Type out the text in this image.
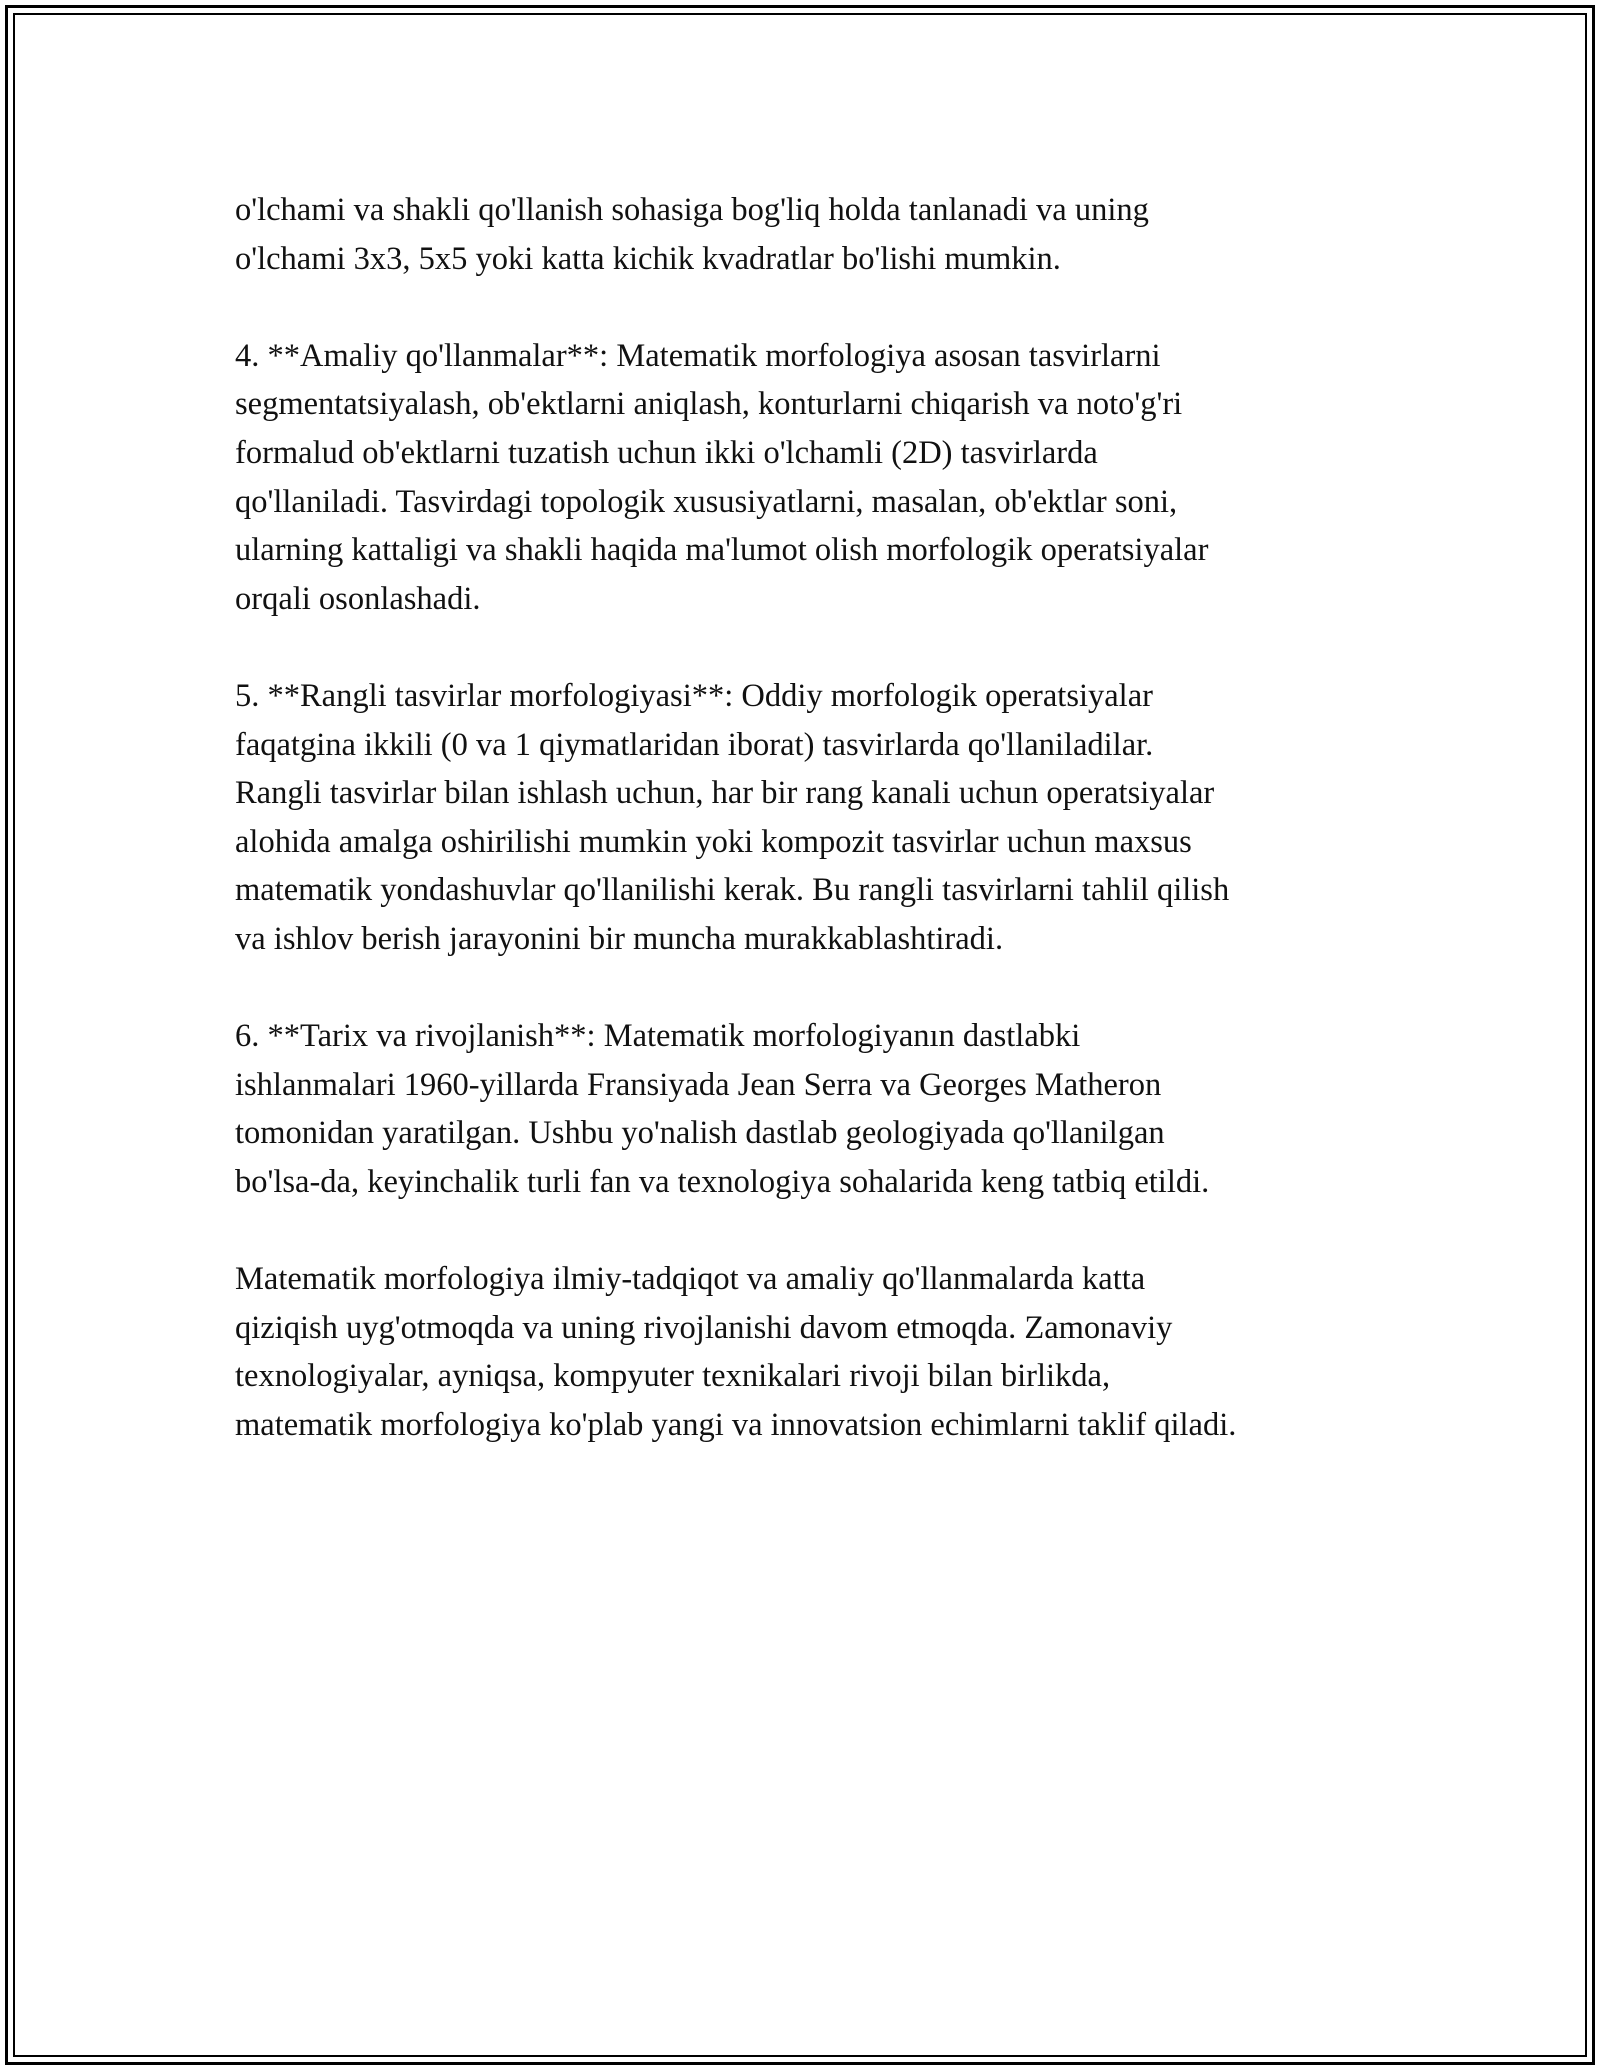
o'lchami va shakli qo'llanish sohasiga bog'liq holda tanlanadi va uning
o'lchami 3x3, 5x5 yoki katta kichik kvadratlar bo'lishi mumkin.

4. **Amaliy qo'llanmalar**: Matematik morfologiya asosan tasvirlarni
segmentatsiyalash, ob'ektlarni aniqlash, konturlarni chiqarish va noto'g'ri
formalud ob'ektlarni tuzatish uchun ikki o'lchamli (2D) tasvirlarda
qo'llaniladi. Tasvirdagi topologik xususiyatlarni, masalan, ob'ektlar soni,
ularning kattaligi va shakli haqida ma'lumot olish morfologik operatsiyalar
orqali osonlashadi.

5. **Rangli tasvirlar morfologiyasi**: Oddiy morfologik operatsiyalar
faqatgina ikkili (0 va 1 qiymatlaridan iborat) tasvirlarda qo'llaniladilar.
Rangli tasvirlar bilan ishlash uchun, har bir rang kanali uchun operatsiyalar
alohida amalga oshirilishi mumkin yoki kompozit tasvirlar uchun maxsus
matematik yondashuvlar qo'llanilishi kerak. Bu rangli tasvirlarni tahlil qilish
va ishlov berish jarayonini bir muncha murakkablashtiradi.

6. **Tarix va rivojlanish**: Matematik morfologiyanın dastlabki
ishlanmalari 1960-yillarda Fransiyada Jean Serra va Georges Matheron
tomonidan yaratilgan. Ushbu yo'nalish dastlab geologiyada qo'llanilgan
bo'lsa-da, keyinchalik turli fan va texnologiya sohalarida keng tatbiq etildi.

Matematik morfologiya ilmiy-tadqiqot va amaliy qo'llanmalarda katta
qiziqish uyg'otmoqda va uning rivojlanishi davom etmoqda. Zamonaviy
texnologiyalar, ayniqsa, kompyuter texnikalari rivoji bilan birlikda,
matematik morfologiya ko'plab yangi va innovatsion echimlarni taklif qiladi.
